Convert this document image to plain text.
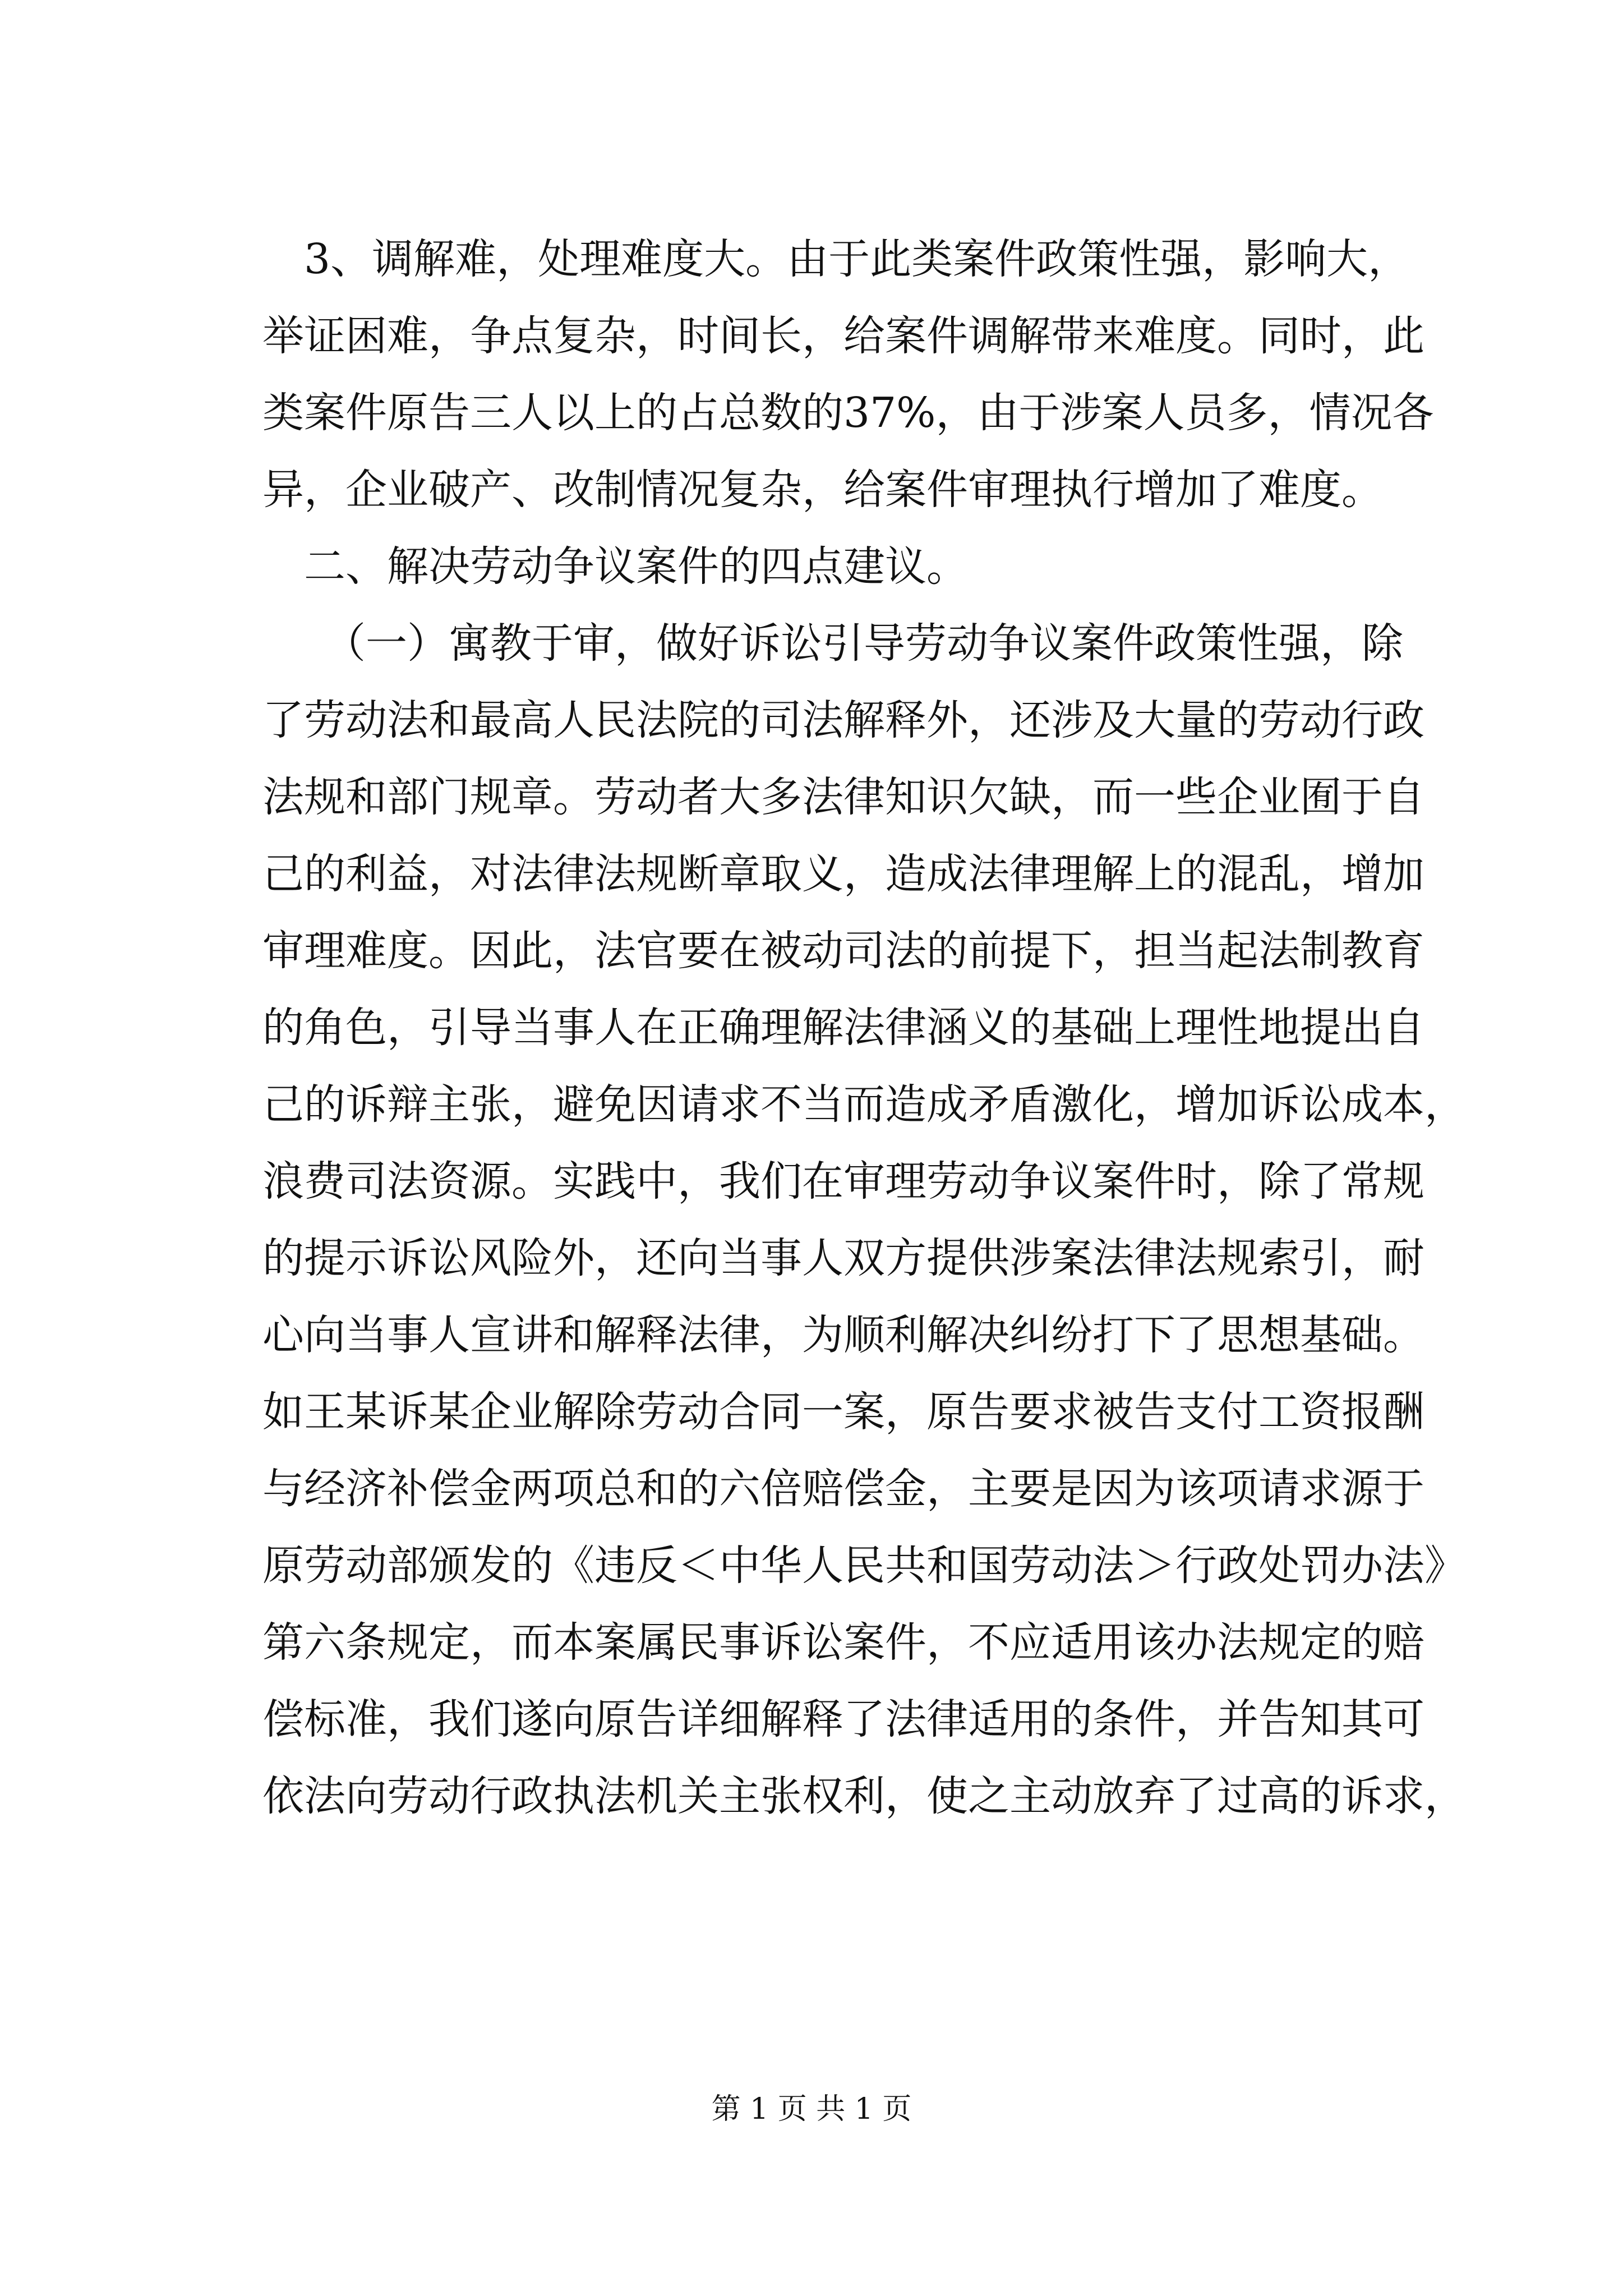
3、调解难，处理难度大。由于此类案件政策性强，影响大，
举证困难，争点复杂，时间长，给案件调解带来难度。同时，此
类案件原告三人以上的占总数的37%，由于涉案人员多，情况各
异，企业破产、改制情况复杂，给案件审理执行增加了难度。
二、解决劳动争议案件的四点建议。
（一）寓教于审，做好诉讼引导劳动争议案件政策性强，除
了劳动法和最高人民法院的司法解释外，还涉及大量的劳动行政
法规和部门规章。劳动者大多法律知识欠缺，而一些企业囿于自
己的利益，对法律法规断章取义，造成法律理解上的混乱，增加
审理难度。因此，法官要在被动司法的前提下，担当起法制教育
的角色，引导当事人在正确理解法律涵义的基础上理性地提出自
己的诉辩主张，避免因请求不当而造成矛盾激化，增加诉讼成本，
浪费司法资源。实践中，我们在审理劳动争议案件时，除了常规
的提示诉讼风险外，还向当事人双方提供涉案法律法规索引，耐
心向当事人宣讲和解释法律，为顺利解决纠纷打下了思想基础。
如王某诉某企业解除劳动合同一案，原告要求被告支付工资报酬
与经济补偿金两项总和的六倍赔偿金，主要是因为该项请求源于
原劳动部颁发的《违反＜中华人民共和国劳动法＞行政处罚办法》
第六条规定，而本案属民事诉讼案件，不应适用该办法规定的赔
偿标准，我们遂向原告详细解释了法律适用的条件，并告知其可
依法向劳动行政执法机关主张权利，使之主动放弃了过高的诉求，
第 1 页 共 1 页
